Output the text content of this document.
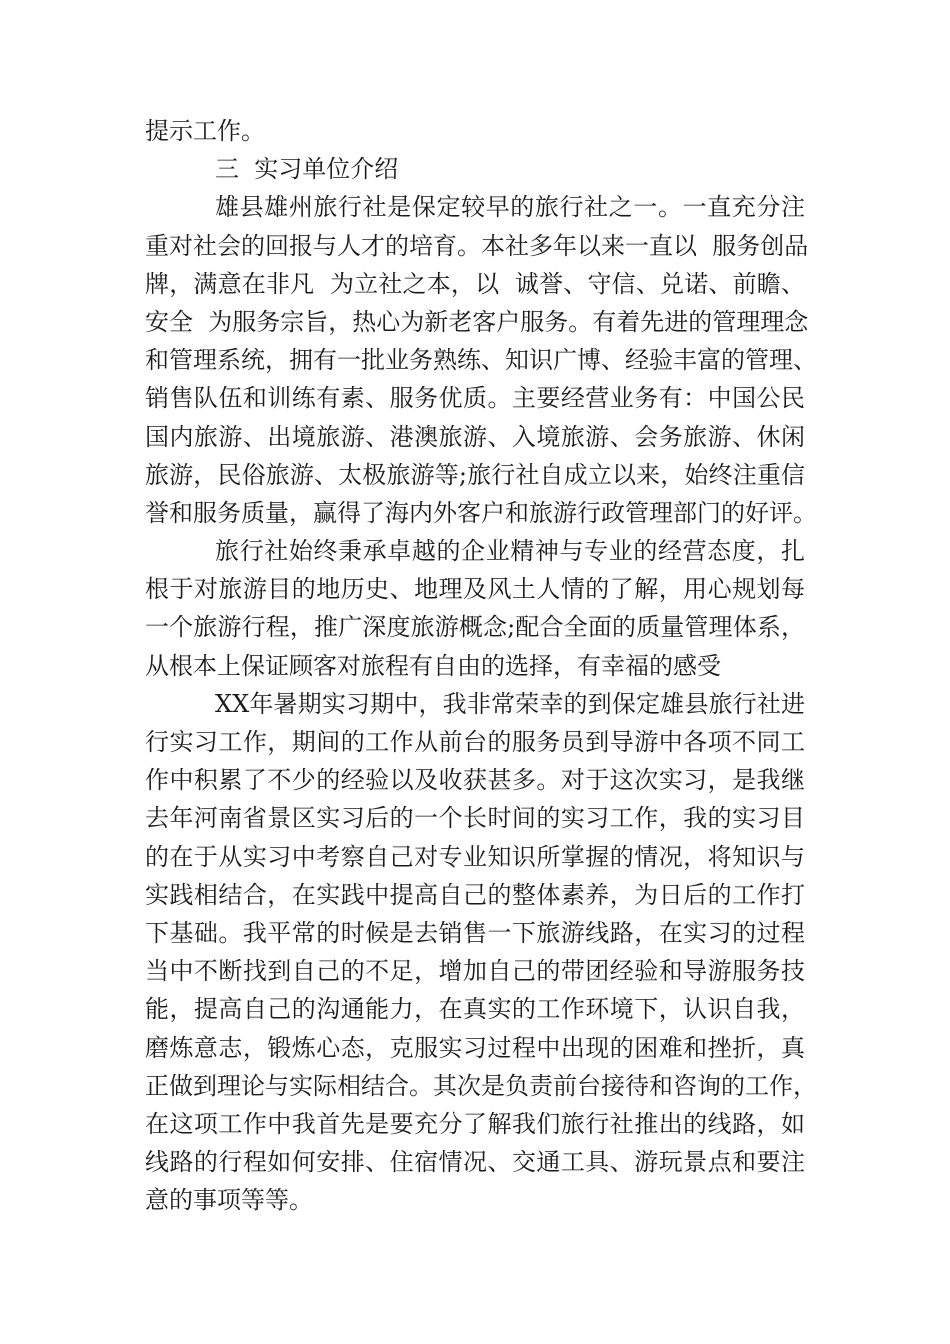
提示工作。
三  实习单位介绍
雄县雄州旅行社是保定较早的旅行社之一。一直充分注
重对社会的回报与人才的培育。本社多年以来一直以  服务创品
牌，满意在非凡  为立社之本，以  诚誉、守信、兑诺、前瞻、
安全  为服务宗旨，热心为新老客户服务。有着先进的管理理念
和管理系统，拥有一批业务熟练、知识广博、经验丰富的管理、
销售队伍和训练有素、服务优质。主要经营业务有：中国公民
国内旅游、出境旅游、港澳旅游、入境旅游、会务旅游、休闲
旅游，民俗旅游、太极旅游等;旅行社自成立以来，始终注重信
誉和服务质量，赢得了海内外客户和旅游行政管理部门的好评。
旅行社始终秉承卓越的企业精神与专业的经营态度，扎
根于对旅游目的地历史、地理及风土人情的了解，用心规划每
一个旅游行程，推广深度旅游概念;配合全面的质量管理体系，
从根本上保证顾客对旅程有自由的选择，有幸福的感受
XX年暑期实习期中，我非常荣幸的到保定雄县旅行社进
行实习工作，期间的工作从前台的服务员到导游中各项不同工
作中积累了不少的经验以及收获甚多。对于这次实习，是我继
去年河南省景区实习后的一个长时间的实习工作，我的实习目
的在于从实习中考察自己对专业知识所掌握的情况，将知识与
实践相结合，在实践中提高自己的整体素养，为日后的工作打
下基础。我平常的时候是去销售一下旅游线路，在实习的过程
当中不断找到自己的不足，增加自己的带团经验和导游服务技
能，提高自己的沟通能力，在真实的工作环境下，认识自我，
磨炼意志，锻炼心态，克服实习过程中出现的困难和挫折，真
正做到理论与实际相结合。其次是负责前台接待和咨询的工作，
在这项工作中我首先是要充分了解我们旅行社推出的线路，如
线路的行程如何安排、住宿情况、交通工具、游玩景点和要注
意的事项等等。
